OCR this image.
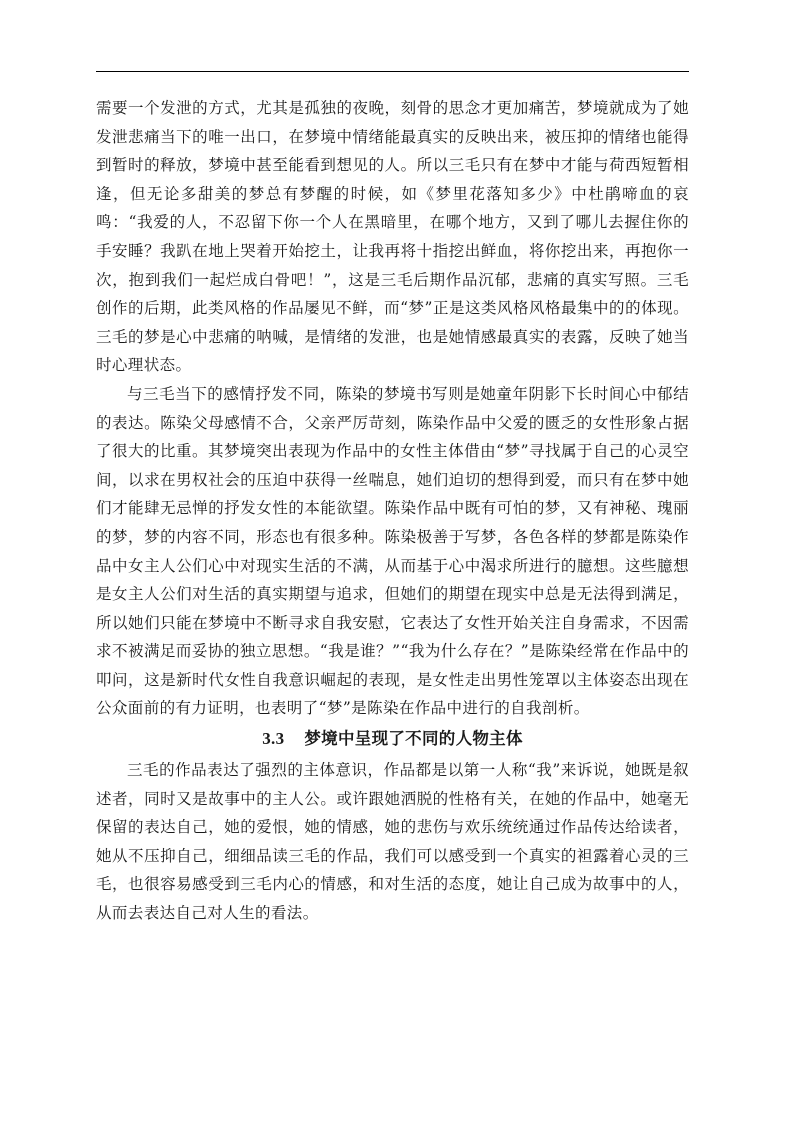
需要一个发泄的方式，尤其是孤独的夜晚，刻骨的思念才更加痛苦，梦境就成为了她发泄悲痛当下的唯一出口，在梦境中情绪能最真实的反映出来，被压抑的情绪也能得到暂时的释放，梦境中甚至能看到想见的人。所以三毛只有在梦中才能与荷西短暂相逢，但无论多甜美的梦总有梦醒的时候，如《梦里花落知多少》中杜鹃啼血的哀鸣：“我爱的人，不忍留下你一个人在黑暗里，在哪个地方，又到了哪儿去握住你的手安睡？我趴在地上哭着开始挖土，让我再将十指挖出鲜血，将你挖出来，再抱你一次，抱到我们一起烂成白骨吧！”，这是三毛后期作品沉郁，悲痛的真实写照。三毛创作的后期，此类风格的作品屡见不鲜，而“梦”正是这类风格风格最集中的的体现。三毛的梦是心中悲痛的呐喊，是情绪的发泄，也是她情感最真实的表露，反映了她当时心理状态。

与三毛当下的感情抒发不同，陈染的梦境书写则是她童年阴影下长时间心中郁结的表达。陈染父母感情不合，父亲严厉苛刻，陈染作品中父爱的匮乏的女性形象占据了很大的比重。其梦境突出表现为作品中的女性主体借由“梦”寻找属于自己的心灵空间，以求在男权社会的压迫中获得一丝喘息，她们迫切的想得到爱，而只有在梦中她们才能肆无忌惮的抒发女性的本能欲望。陈染作品中既有可怕的梦，又有神秘、瑰丽的梦，梦的内容不同，形态也有很多种。陈染极善于写梦，各色各样的梦都是陈染作品中女主人公们心中对现实生活的不满，从而基于心中渴求所进行的臆想。这些臆想是女主人公们对生活的真实期望与追求，但她们的期望在现实中总是无法得到满足，所以她们只能在梦境中不断寻求自我安慰，它表达了女性开始关注自身需求，不因需求不被满足而妥协的独立思想。“我是谁？”“我为什么存在？”是陈染经常在作品中的叩问，这是新时代女性自我意识崛起的表现，是女性走出男性笼罩以主体姿态出现在公众面前的有力证明，也表明了“梦”是陈染在作品中进行的自我剖析。

3.3 梦境中呈现了不同的人物主体

三毛的作品表达了强烈的主体意识，作品都是以第一人称“我”来诉说，她既是叙述者，同时又是故事中的主人公。或许跟她洒脱的性格有关，在她的作品中，她毫无保留的表达自己，她的爱恨，她的情感，她的悲伤与欢乐统统通过作品传达给读者，她从不压抑自己，细细品读三毛的作品，我们可以感受到一个真实的袒露着心灵的三毛，也很容易感受到三毛内心的情感，和对生活的态度，她让自己成为故事中的人，从而去表达自己对人生的看法。
